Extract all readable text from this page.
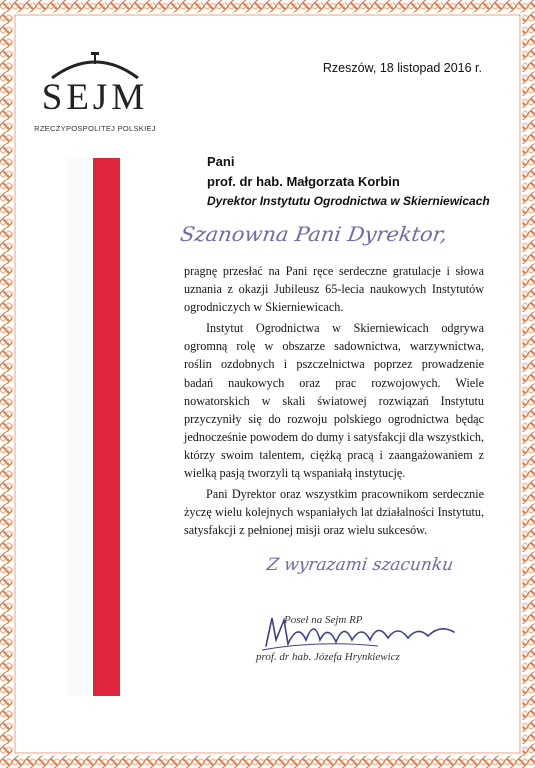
SEJM
RZECZYPOSPOLITEJ POLSKIEJ
Rzeszów, 18 listopad 2016 r.
Pani
prof. dr hab. Małgorzata Korbin
Dyrektor Instytutu Ogrodnictwa w Skierniewicach
Szanowna Pani Dyrektor,

pragnę przesłać na Pani ręce serdeczne gratulacje i słowa uznania z okazji Jubileusz 65-lecia naukowych Instytutów ogrodniczych w Skierniewicach.

Instytut Ogrodnictwa w Skierniewicach odgrywa ogromną rolę w obszarze sadownictwa, warzywnictwa, roślin ozdobnych i pszczelnictwa poprzez prowadzenie badań naukowych oraz prac rozwojowych. Wiele nowatorskich w skali światowej rozwiązań Instytutu przyczyniły się do rozwoju polskiego ogrodnictwa będąc jednocześnie powodem do dumy i satysfakcji dla wszystkich, którzy swoim talentem, ciężką pracą i zaangażowaniem z wielką pasją tworzyli tą wspaniałą instytucję.

Pani Dyrektor oraz wszystkim pracownikom serdecznie życzę wielu kolejnych wspaniałych lat działalności Instytutu, satysfakcji z pełnionej misji oraz wielu sukcesów.

Z wyrazami szacunku
Poseł na Sejm RP
prof. dr hab. Józefa Hrynkiewicz
